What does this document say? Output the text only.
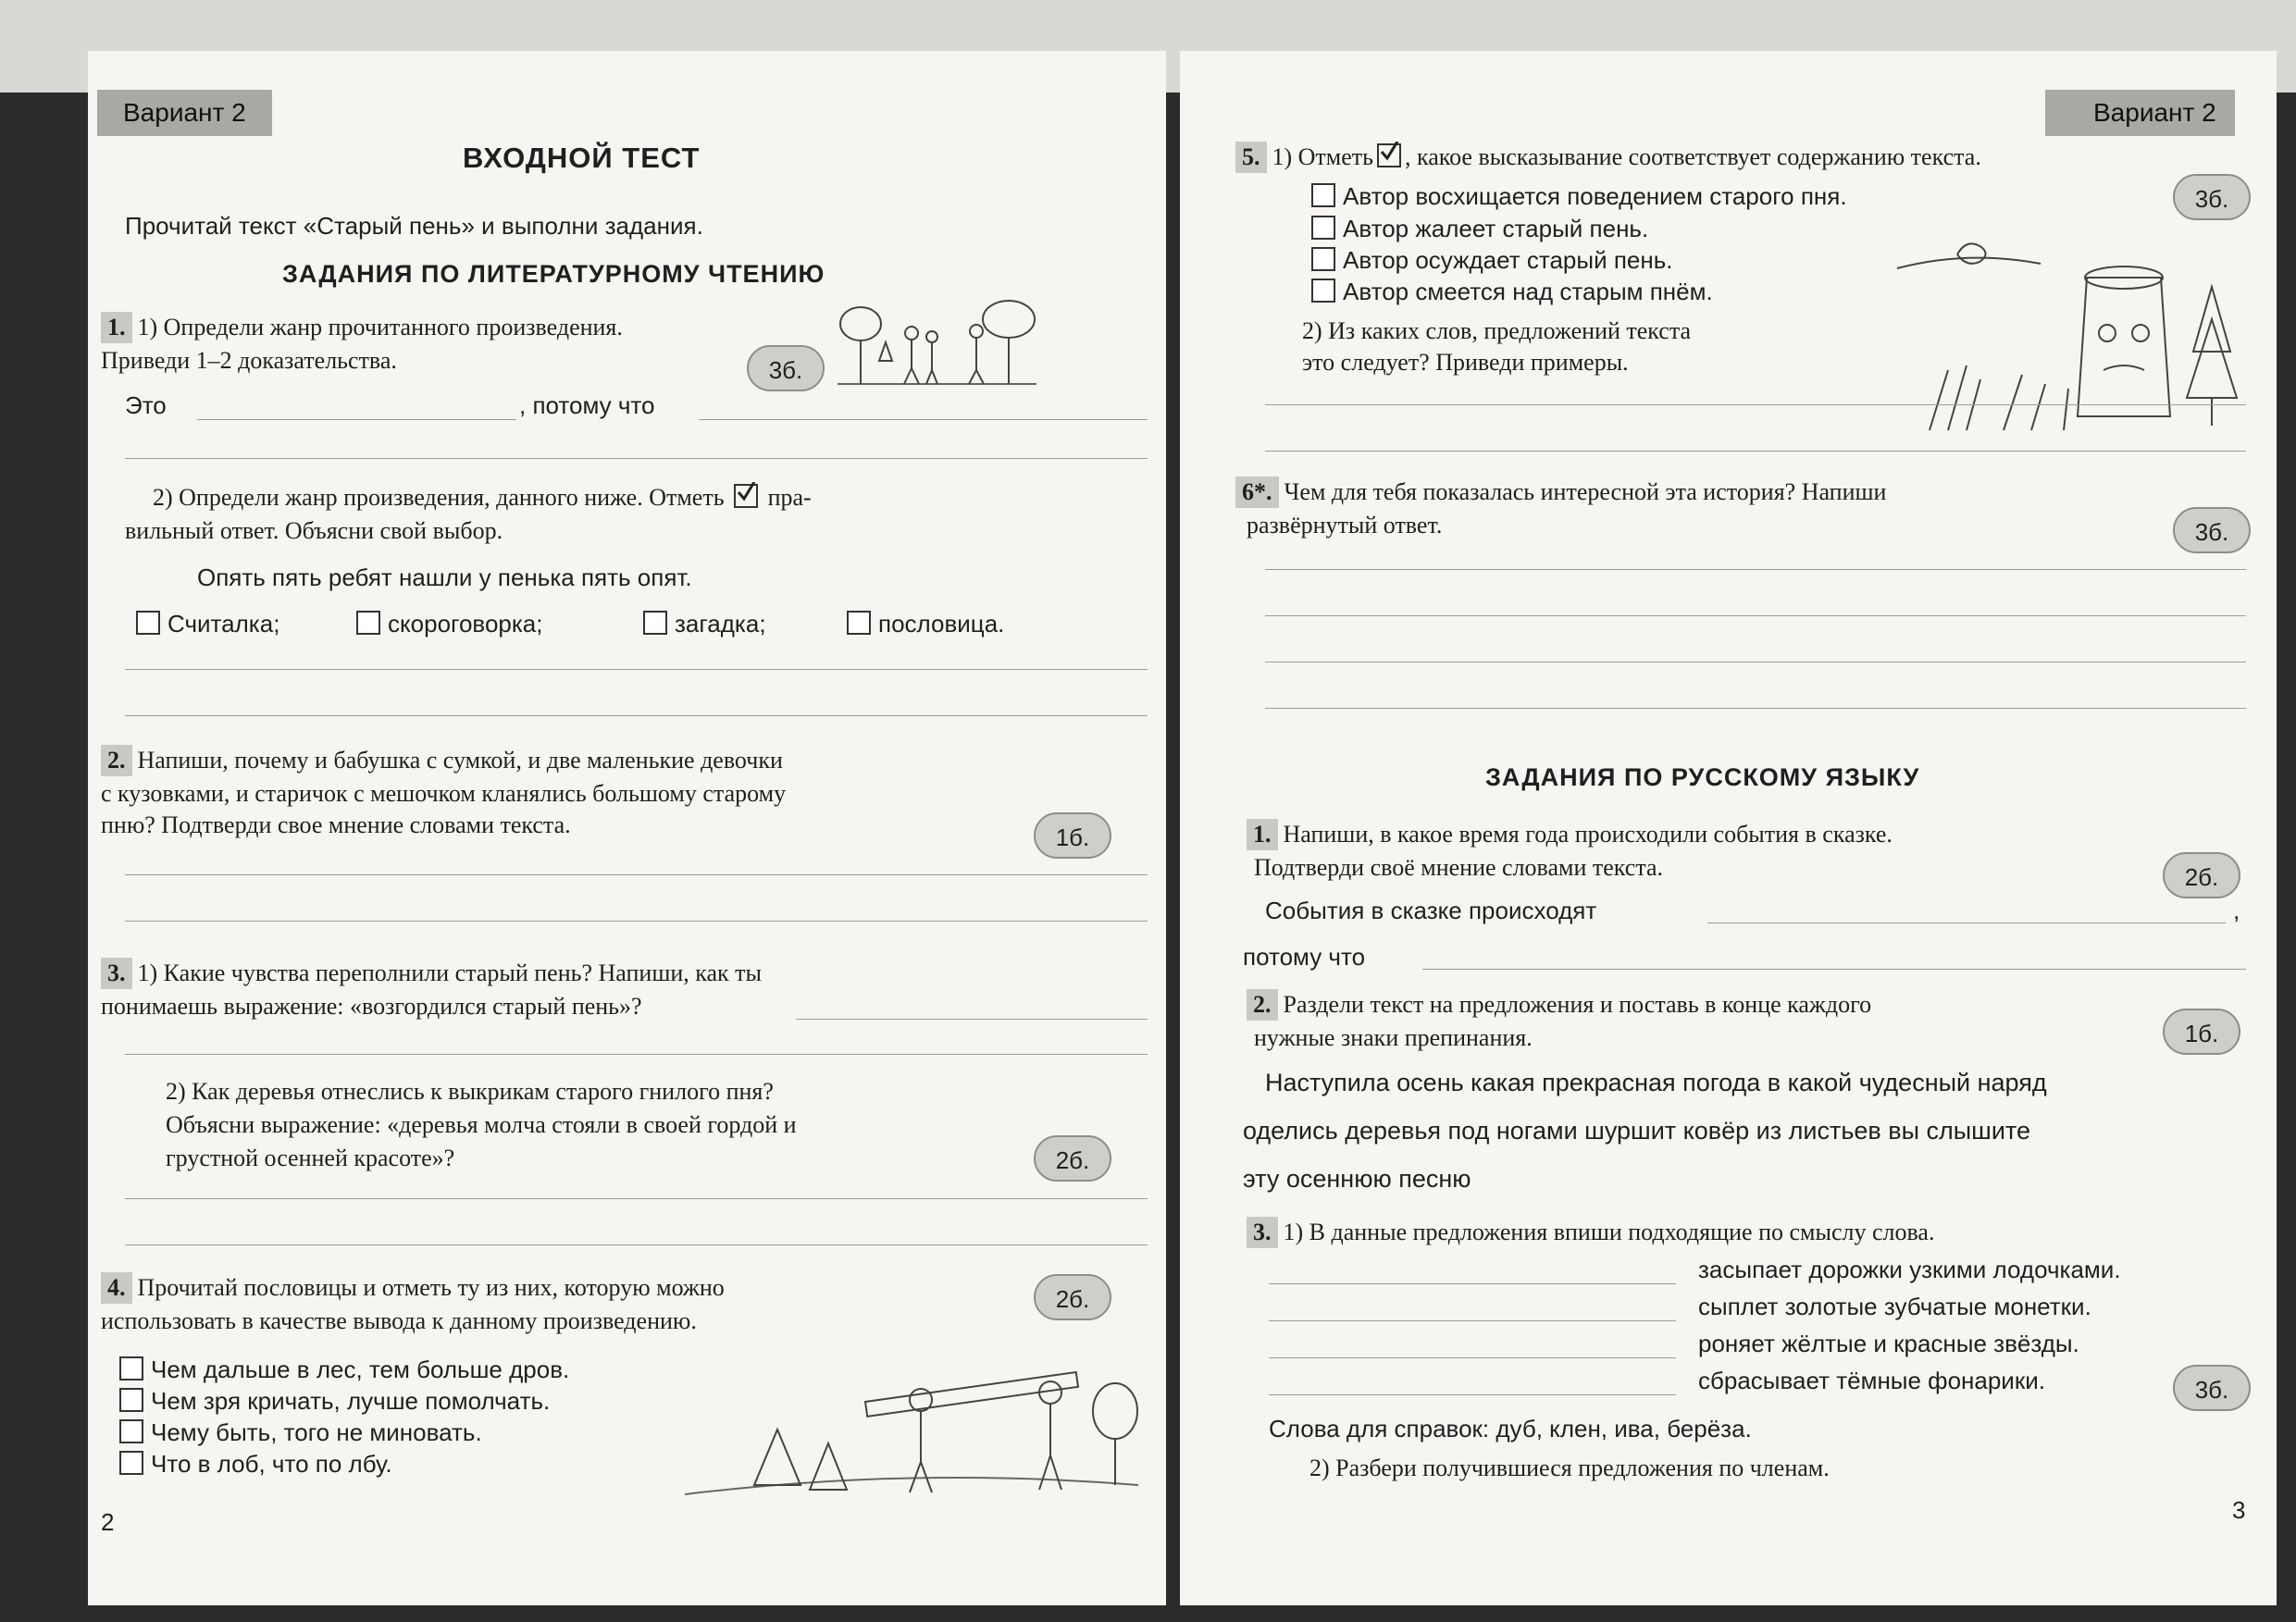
Вариант 2
ВХОДНОЙ ТЕСТ
Прочитай текст «Старый пень» и выполни задания.
ЗАДАНИЯ ПО ЛИТЕРАТУРНОМУ ЧТЕНИЮ
1. 1) Определи жанр прочитанного произведения.
Приведи 1–2 доказательства.	3б.
Это	, потому что
2) Определи жанр произведения, данного ниже. Отметь пра-
вильный ответ. Объясни свой выбор.
Опять пять ребят нашли у пенька пять опят.
Считалка;	скороговорка;	загадка;	пословица.
2. Напиши, почему и бабушка с сумкой, и две маленькие девочки
с кузовками, и старичок с мешочком кланялись большому старому
пню? Подтверди свое мнение словами текста.	1б.
3. 1) Какие чувства переполнили старый пень? Напиши, как ты
понимаешь выражение: «возгордился старый пень»?
2) Как деревья отнеслись к выкрикам старого гнилого пня?
Объясни выражение: «деревья молча стояли в своей гордой и
грустной осенней красоте»?	2б.
4. Прочитай пословицы и отметь ту из них, которую можно
использовать в качестве вывода к данному произведению.
2б.
Чем дальше в лес, тем больше дров.
Чем зря кричать, лучше помолчать.
Чему быть, того не миновать.
Что в лоб, что по лбу.
2
Вариант 2
5. 1) Отметь , какое высказывание соответствует содержанию текста.
3б.
Автор восхищается поведением старого пня.
Автор жалеет старый пень.
Автор осуждает старый пень.
Автор смеется над старым пнём.
2) Из каких слов, предложений текста
это следует? Приведи примеры.
6*. Чем для тебя показалась интересной эта история? Напиши
развёрнутый ответ.	3б.
ЗАДАНИЯ ПО РУССКОМУ ЯЗЫКУ
1. Напиши, в какое время года происходили события в сказке.
Подтверди своё мнение словами текста.	2б.
События в сказке происходят	,
потому что
2. Раздели текст на предложения и поставь в конце каждого
нужные знаки препинания.	1б.
Наступила осень какая прекрасная погода в какой чудесный наряд
оделись деревья под ногами шуршит ковёр из листьев вы слышите
эту осеннюю песню
3. 1) В данные предложения впиши подходящие по смыслу слова.
засыпает дорожки узкими лодочками.
сыплет золотые зубчатые монетки.
роняет жёлтые и красные звёзды.
сбрасывает тёмные фонарики.	3б.
Слова для справок: дуб, клен, ива, берёза.
2) Разбери получившиеся предложения по членам.
3
